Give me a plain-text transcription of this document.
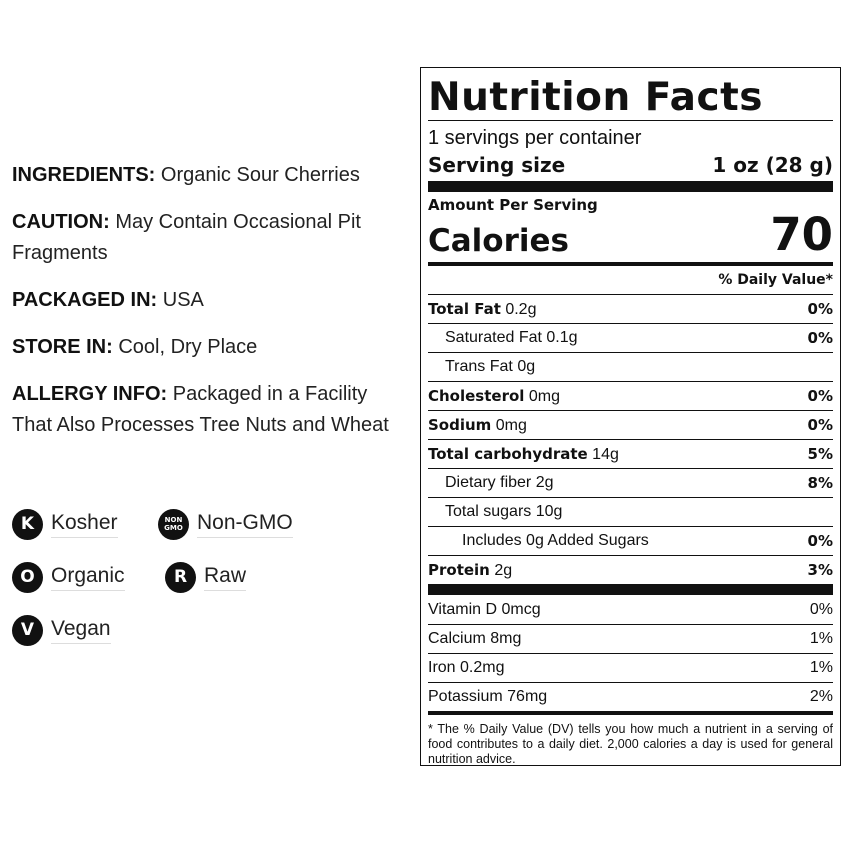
INGREDIENTS: Organic Sour Cherries

CAUTION: May Contain Occasional Pit Fragments

PACKAGED IN: USA

STORE IN: Cool, Dry Place

ALLERGY INFO: Packaged in a Facility That Also Processes Tree Nuts and Wheat

K Kosher	NON
GMO Non-GMO
O Organic	R Raw
V Vegan
Nutrition Facts
1 servings per container
Serving size	1 oz (28 g)
Amount Per Serving
Calories	70
% Daily Value*
Total Fat 0.2g	0%
Saturated Fat 0.1g	0%
Trans Fat 0g
Cholesterol 0mg	0%
Sodium 0mg	0%
Total carbohydrate 14g	5%
Dietary fiber 2g	8%
Total sugars 10g
Includes 0g Added Sugars	0%
Protein 2g	3%
Vitamin D 0mcg	0%
Calcium 8mg	1%
Iron 0.2mg	1%
Potassium 76mg	2%
* The % Daily Value (DV) tells you how much a nutrient in a serving of food contributes to a daily diet. 2,000 calories a day is used for general nutrition advice.
